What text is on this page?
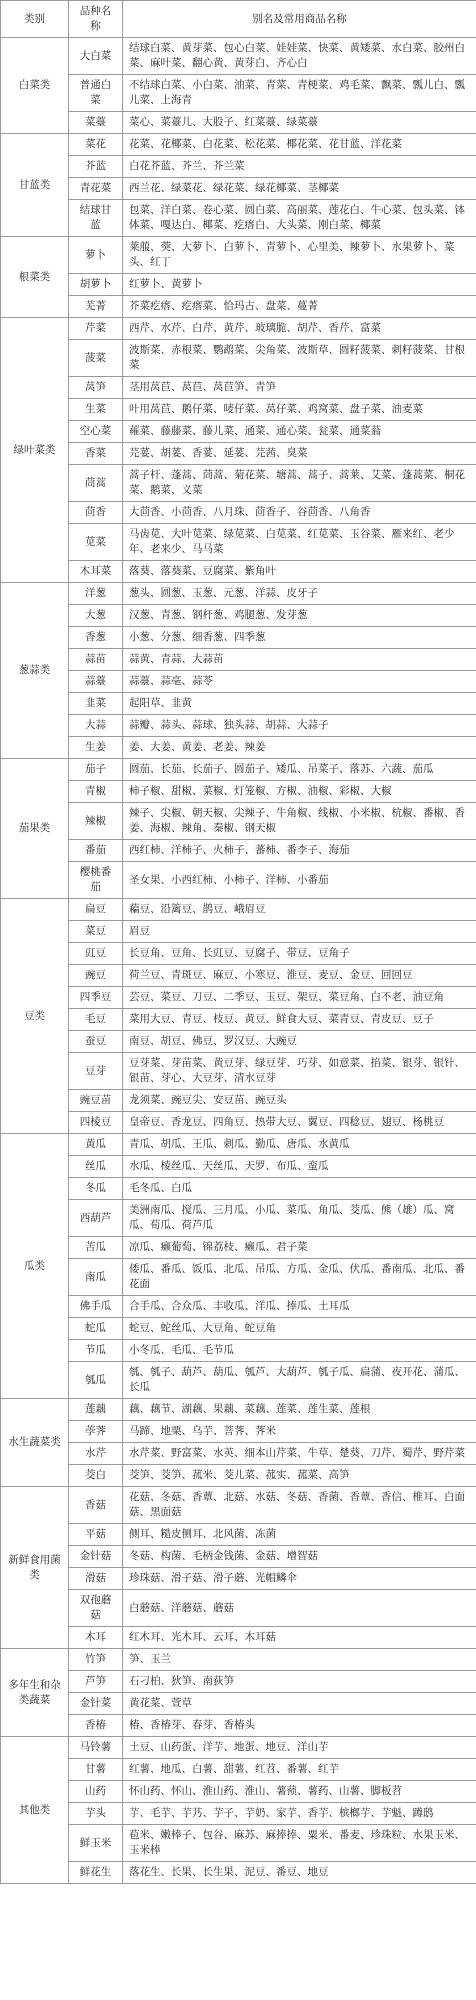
类别	品种名称	别名及常用商品名称
白菜类	大白菜	结球白菜、黄芽菜、包心白菜、娃娃菜、快菜、黄矮菜、水白菜、胶州白菜、麻叶菜、翻心黄、黄芽白、齐心白
	普通白菜	不结球白菜、小白菜、油菜、青菜、青梗菜、鸡毛菜、飘菜、瓢儿白、瓢儿菜、上海青
	菜薹	菜心、菜薹儿、大股子、红菜薹、绿菜薹
甘蓝类	菜花	花菜、花椰菜、白花菜、松花菜、椰花菜、花甘蓝、洋花菜
	芥蓝	白花芥蓝、芥兰、芥兰菜
	青花菜	西兰花、绿菜花、绿花菜、绿花椰菜、茎椰菜
	结球甘蓝	包菜、洋白菜、卷心菜、圆白菜、高丽菜、莲花白、牛心菜、包头菜、钵体菜、嘎达白、椰菜、疙瘩白、大头菜、刚白菜、椰菜
根菜类	萝卜	莱菔、葖、大萝卜、白萝卜、青萝卜、心里美、辣萝卜、水果萝卜、菜头、红丁
	胡萝卜	红萝卜、黄萝卜
	芜菁	芥菜疙瘩、疙瘩菜、恰玛古、盘菜、蔓菁
绿叶菜类	芹菜	西芹、水芹、白芹、黄芹、玻璃脆、胡芹、香芹、富菜
	菠菜	波斯菜、赤根菜、鹦鹉菜、尖角菜、波斯草、圆籽菠菜、刺籽菠菜、甘根菜
	莴笋	茎用莴苣、莴苣、莴苣笋、青笋
	生菜	叶用莴苣、鹅仔菜、唛仔菜、莴仔菜、鸡窝菜、盘子菜、油麦菜
	空心菜	蕹菜、藤藤菜、藤儿菜、通菜、通心菜、瓮菜、通菜蓊
	香菜	芫荽、胡荽、香荽、延荽、芫茜、臭菜
	茼蒿	蒿子杆、蓬蒿、茼蒿、菊花菜、塘蒿、蒿子、蒿莱、艾菜、蓬蒿菜、桐花菜、鹅菜、义菜
	茴香	大茴香、小茴香、八月珠、茴香子、谷茴香、八角香
	苋菜	马齿苋、大叶苋菜、绿苋菜、白苋菜、红苋菜、玉谷菜、雁来红、老少年、老来少、马马菜
	木耳菜	落葵、落葵菜、豆腐菜、紫角叶
葱蒜类	洋葱	葱头、圆葱、玉葱、元葱、洋蒜、皮牙子
	大葱	汉葱、青葱、钢杆葱、鸡腿葱、发芽葱
	香葱	小葱、分葱、细香葱、四季葱
	蒜苗	蒜黄、青蒜、大蒜苗
	蒜薹	蒜薹、蒜亳、蒜苓
	韭菜	起阳草、韭黄
	大蒜	蒜瓣、蒜头、蒜球、独头蒜、胡蒜、大蒜子
	生姜	姜、大姜、黄姜、老姜、辣姜
茄果类	茄子	圆茄、长茄、长茄子、圆茄子、矮瓜、吊菜子、落苏、六蔬、茄瓜
	青椒	柿子椒、甜椒、菜椒、灯笼椒、方椒、油椒、彩椒、大椒
	辣椒	辣子、尖椒、朝天椒、尖辣子、牛角椒、线椒、小米椒、杭椒、番椒、香姜、海椒、辣角、秦椒、钢天椒
	番茄	西红柿、洋柿子、火柿子、蕃柿、番李子、海茄
	樱桃番茄	圣女果、小西红柿、小柿子、洋柿、小番茄
豆类	扁豆	藊豆、沿篱豆、鹊豆、峨眉豆
	菜豆	眉豆
	豇豆	长豆角、豆角、长豇豆、豆腐子、带豆、豆角子
	豌豆	荷兰豆、青斑豆、麻豆、小寒豆、淮豆、麦豆、金豆、回回豆
	四季豆	芸豆、菜豆、刀豆、二季豆、玉豆、架豆、菜豆角、白不老、油豆角
	毛豆	菜用大豆、青豆、枝豆、黄豆、鲜食大豆、菜青豆、青皮豆、豆子
	蚕豆	南豆、胡豆、佛豆、罗汉豆、大豌豆
	豆芽	豆芽菜、芽苗菜、黄豆芽、绿豆芽、巧芽、如意菜、掐菜、银芽、银针、银苗、芽心、大豆芽、清水豆芽
	豌豆苗	龙须菜、豌豆尖、安豆苗、豌豆头
	四棱豆	皇帝豆、香龙豆、四角豆、热带大豆、翼豆、四稔豆、翅豆、杨桃豆
瓜类	黄瓜	青瓜、胡瓜、王瓜、刺瓜、勤瓜、唐瓜、水黄瓜
	丝瓜	水瓜、棱丝瓜、天丝瓜、天罗、布瓜、蛮瓜
	冬瓜	毛冬瓜、白瓜
	西葫芦	美洲南瓜、搅瓜、三月瓜、小瓜、菜瓜、角瓜、茭瓜、熊（雄）瓜、窝瓜、荀瓜、荷芦瓜
	苦瓜	凉瓜、癞葡萄、锦荔枝、癞瓜、君子菜
	南瓜	倭瓜、番瓜、饭瓜、北瓜、吊瓜、方瓜、金瓜、伏瓜、番南瓜、北瓜、番花面
	佛手瓜	合手瓜、合众瓜、丰收瓜、洋瓜、捧瓜、土耳瓜
	蛇瓜	蛇豆、蛇丝瓜、大豆角、蛇豆角
	节瓜	小冬瓜、毛瓜、毛节瓜
	瓠瓜	瓠、瓠子、葫芦、葫瓜、瓠芦、大葫芦、瓠子瓜、扁蒲、夜开花、蒲瓜、长瓜
水生蔬菜类	莲藕	藕、藕节、湖藕、果藕、菜藕、莲菜、莲生菜、莲根
	荸荠	马蹄、地栗、乌芋、菩荠、荠米
	水芹	水芹菜、野富菜、水英、细本山芹菜、牛草、楚葵、刀芹、蜀芹、野芹菜
	茭白	茭笋、茭笋、菰米、茭儿菜、菰实、菰菜、高笋
新鲜食用菌类	香菇	花菇、冬菇、香蕈、北菇、水菇、冬菇、香菌、香蕈、香信、椎耳、白面菇、黑面菇
	平菇	侧耳、糙皮侧耳、北风菌、冻菌
	金针菇	冬菇、构菌、毛柄金钱菌、金菇、增智菇
	滑菇	珍珠菇、滑子菇、滑子蘑、光帽鳞伞
	双孢蘑菇	白蘑菇、洋蘑菇、蘑菇
	木耳	红木耳、光木耳、云耳、木耳菇
多年生和杂类蔬菜	竹笋	笋、玉兰
	芦笋	石刁柏、狄笋、南荻笋
	金针菜	黄花菜、萱草
	香椿	椿、香椿芽、春芽、香椿头
其他类	马铃薯	土豆、山药蛋、洋芋、地蛋、地豆、洋山芋
	甘薯	红薯、地瓜、白薯、甜薯、红苕、番薯、红芋
	山药	怀山药、怀山、淮山药、淮山、薯蓣、薯药、山薯、脚板苕
	芋头	芋、毛芋、芋艿、芋子、芋奶、家芋、香芋、槟榔芋、芋魁、蹲鸱
	鲜玉米	苞米、嫩棒子、包谷、麻苏、麻捧捧、粟米、番麦、珍珠粒、水果玉米、玉米棒
	鲜花生	落花生、长果、长生果、泥豆、番豆、地豆
